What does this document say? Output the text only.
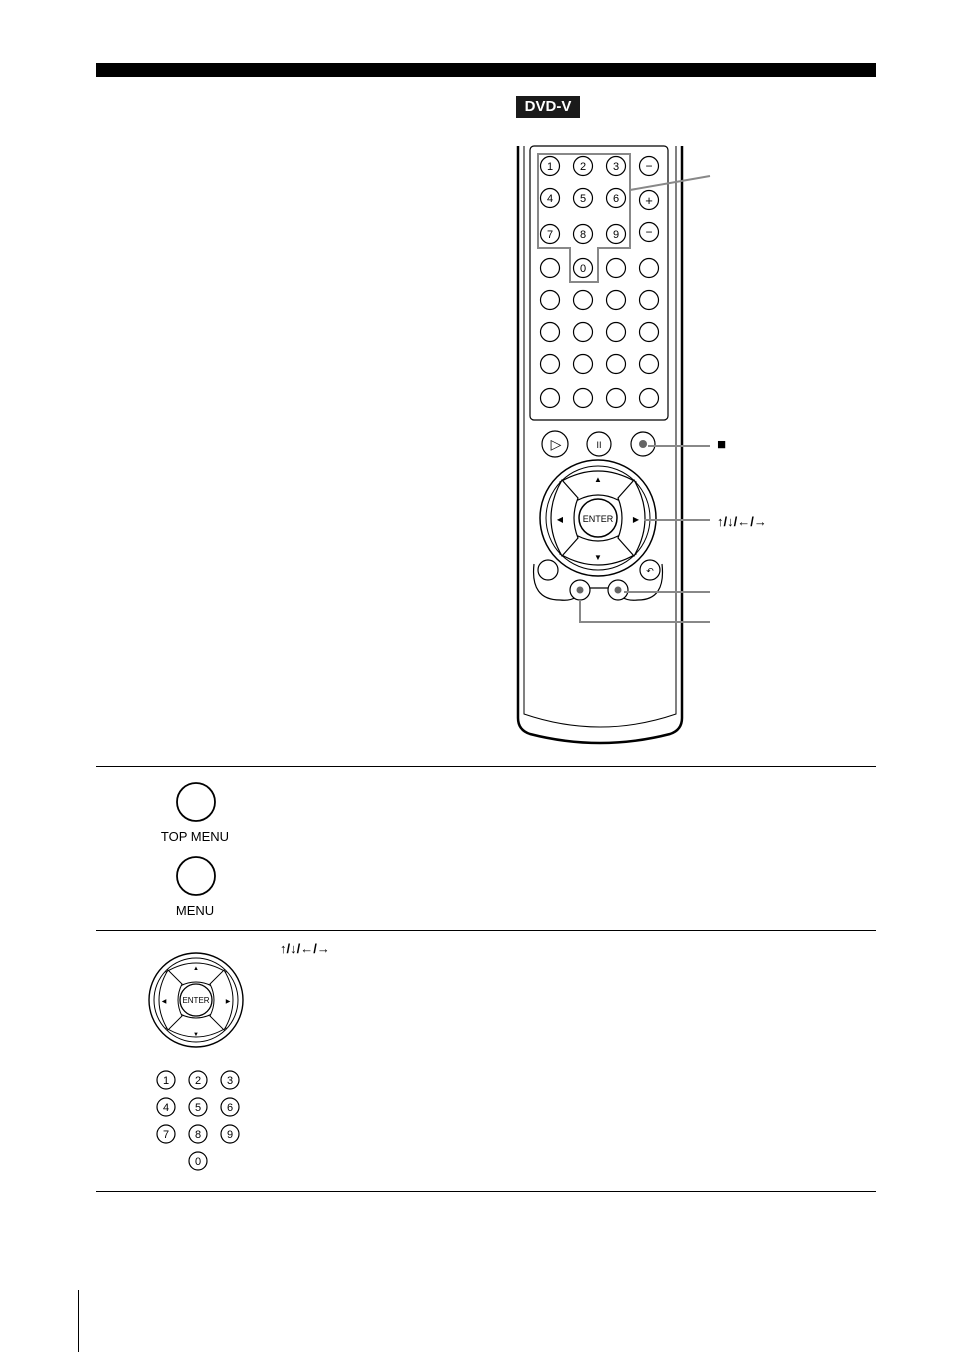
DVD-V
1 2 3
4 5 6
7 8 9
0
−
+
−
▷	II
ENTER
▲
▼
◀	▶
↶
■
↑/↓/←/→
TOP MENU
MENU
↑/↓/←/→
ENTER
▲
▼
◀	▶
1 2 3
4 5 6
7 8 9
0
